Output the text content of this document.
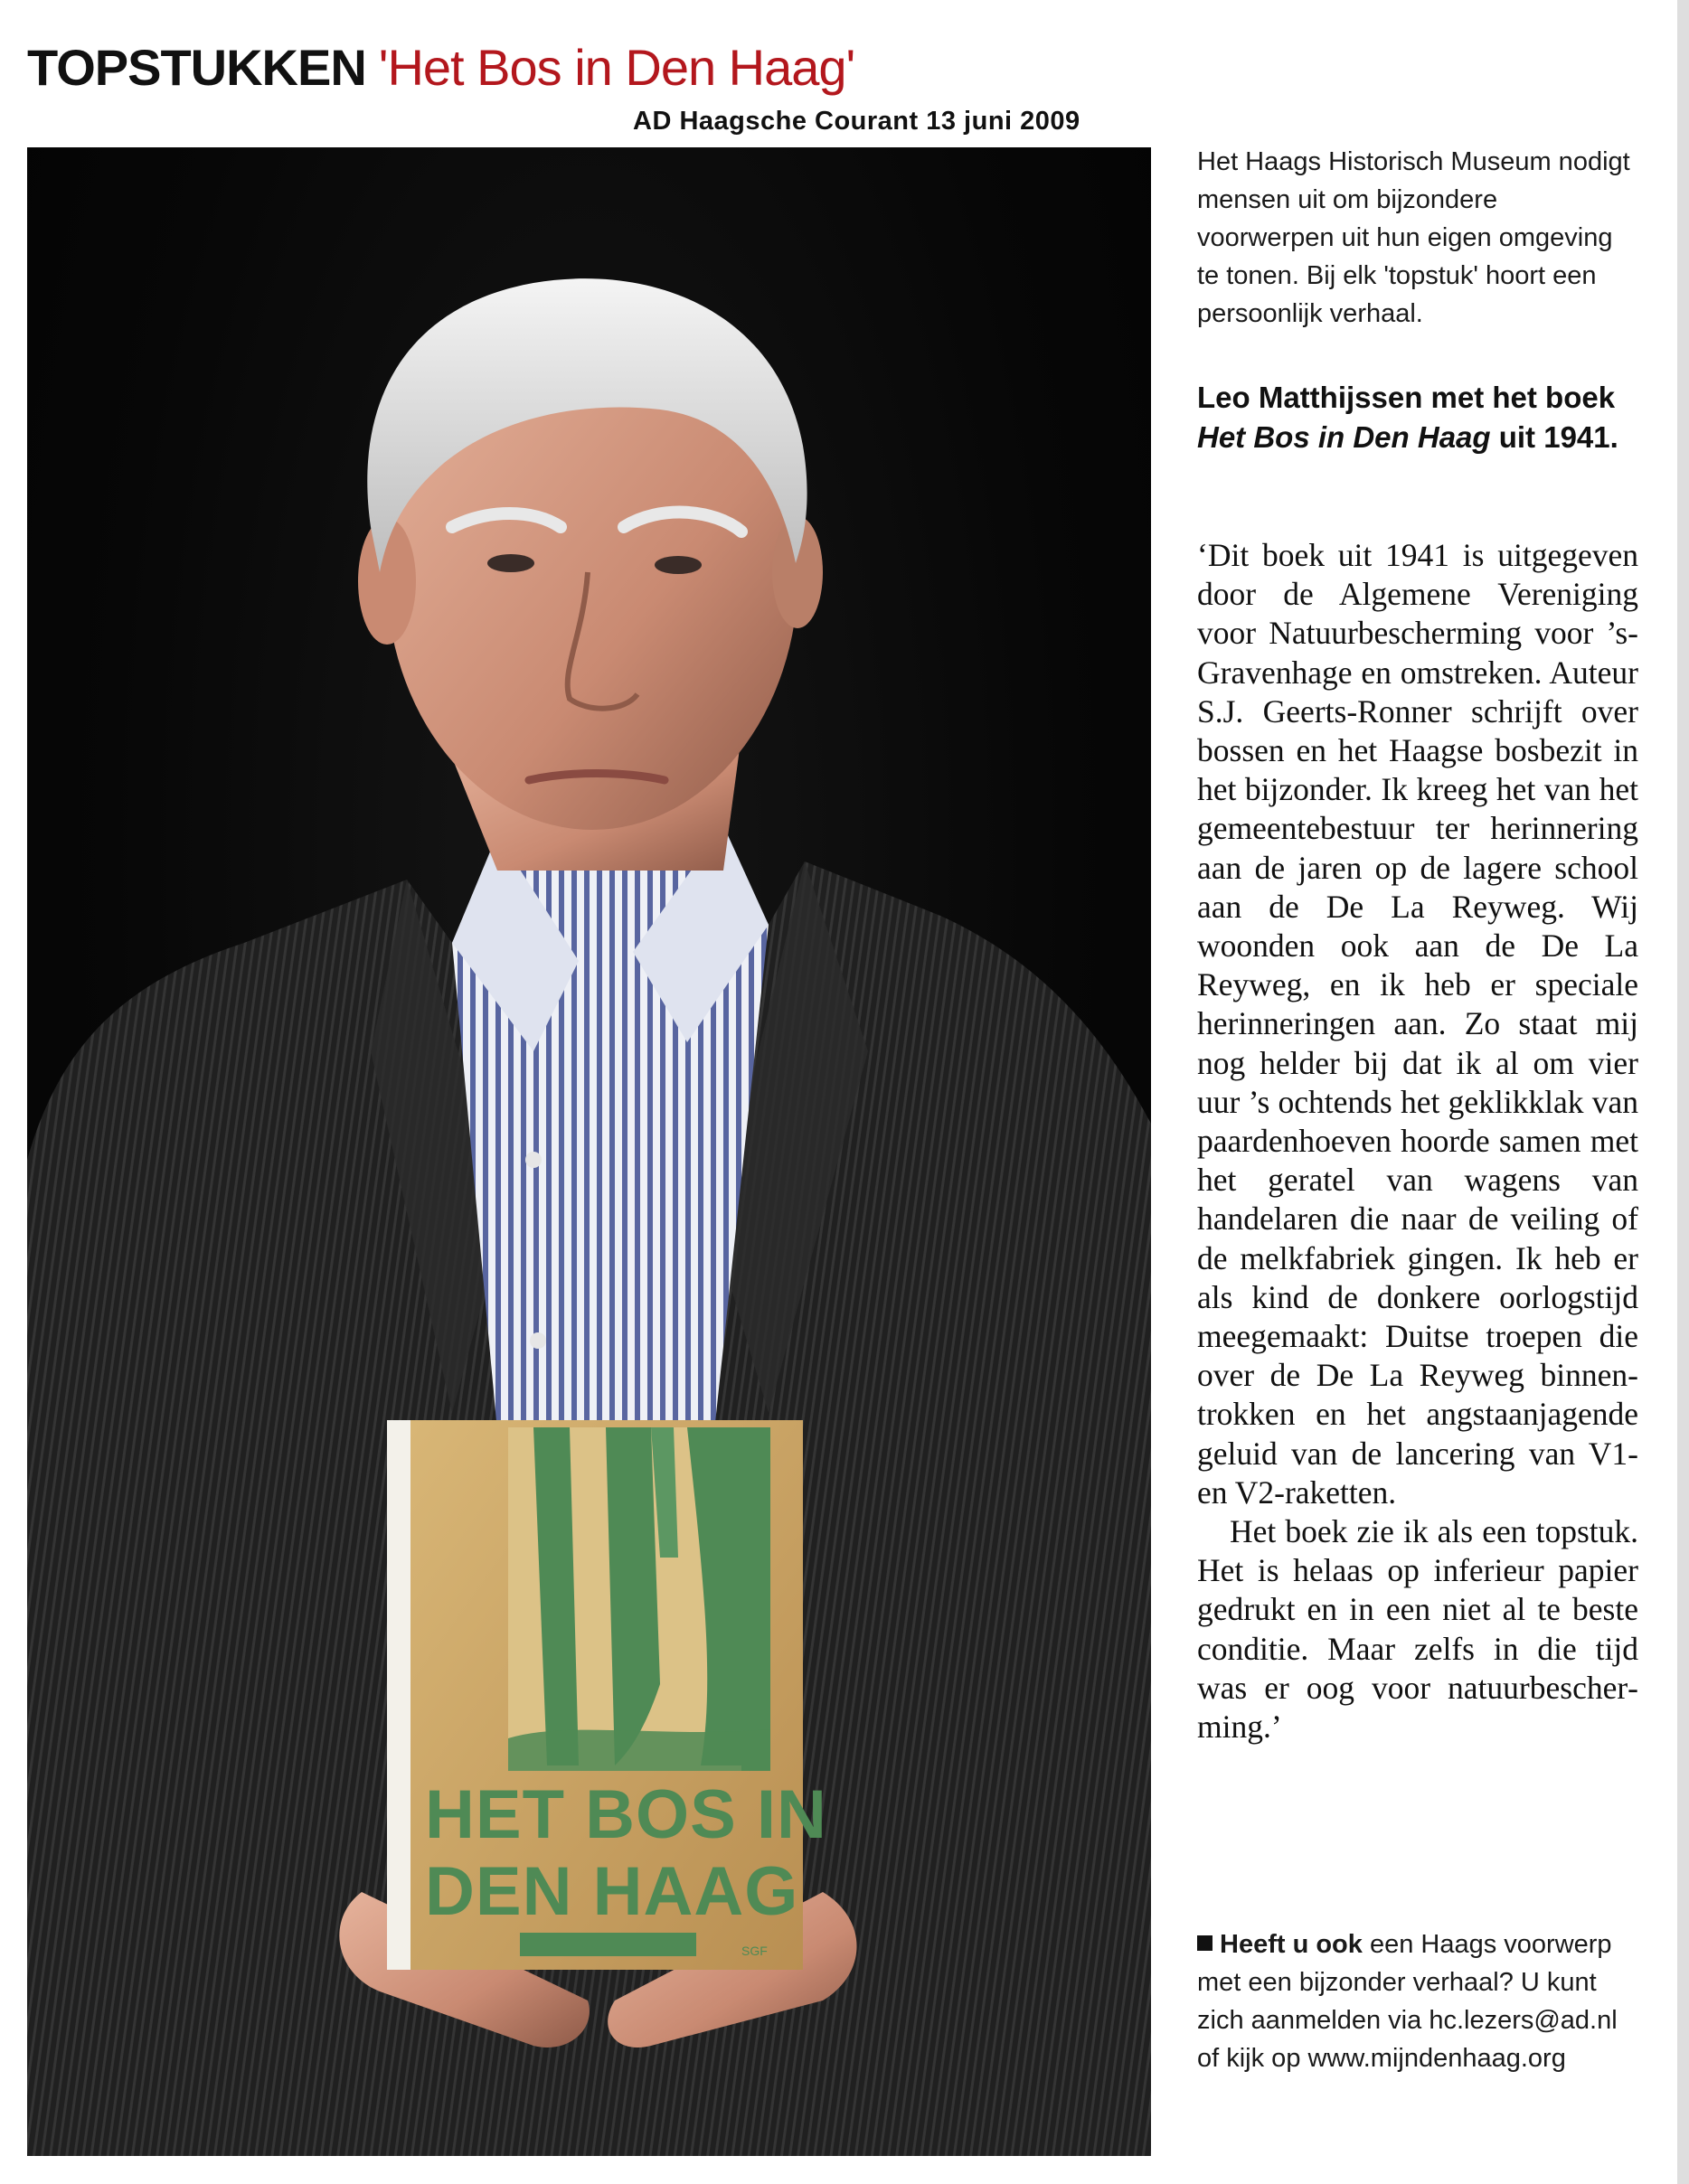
TOPSTUKKEN 'Het Bos in Den Haag'
AD Haagsche Courant 13 juni 2009
HET BOS IN
DEN HAAG
SGF
Het Haags Historisch Museum nodigt mensen uit om bijzondere voorwerpen uit hun eigen omgeving te tonen. Bij elk 'topstuk' hoort een persoonlijk verhaal.
Leo Matthijssen met het boek Het Bos in Den Haag uit 1941.

‘Dit boek uit 1941 is uitgegeven door de Algemene Vereniging voor Natuurbescherming voor ’s-Gravenhage en omstreken. Auteur S.J. Geerts-Ronner schrijft over bossen en het Haagse bosbezit in het bijzonder. Ik kreeg het van het gemeentebestuur ter herinnering aan de jaren op de lagere school aan de De La Reyweg. Wij woonden ook aan de De La Reyweg, en ik heb er speciale herinneringen aan. Zo staat mij nog helder bij dat ik al om vier uur ’s ochtends het geklikklak van paardenhoeven hoorde samen met het geratel van wagens van handelaren die naar de veiling of de melkfabriek gingen. Ik heb er als kind de donkere oorlogstijd meegemaakt: Duitse troepen die over de De La Reyweg binnentrokken en het angstaanjagende geluid van de lancering van V1- en V2-raketten.

Het boek zie ik als een topstuk. Het is helaas op inferieur papier gedrukt en in een niet al te beste conditie. Maar zelfs in die tijd was er oog voor natuurbescherming.’

Heeft u ook een Haags voorwerp met een bijzonder verhaal? U kunt zich aanmelden via hc.lezers@ad.nl of kijk op www.mijndenhaag.org
